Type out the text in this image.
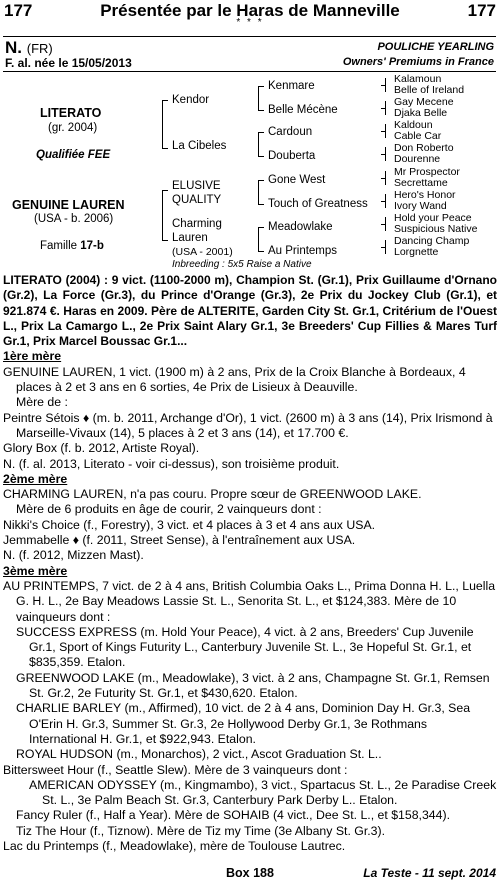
177	Présentée par le Haras de Manneville	177
* * *
N. (FR)
F. al. née le 15/05/2013
POULICHE YEARLING
Owners' Premiums in France
LITERATO
(gr. 2004)
Qualifiée FEE
GENUINE LAUREN
(USA - b. 2006)
Famille 17-b
Kendor
La Cibeles
ELUSIVE
QUALITY
Charming
Lauren
(USA - 2001)
Inbreeding : 5x5 Raise a Native
Kenmare
Belle Mécène
Cardoun
Douberta
Gone West
Touch of Greatness
Meadowlake
Au Printemps
Kalamoun
Belle of Ireland
Gay Mecene
Djaka Belle
Kaldoun
Cable Car
Don Roberto
Dourenne
Mr Prospector
Secrettame
Hero's Honor
Ivory Wand
Hold your Peace
Suspicious Native
Dancing Champ
Lorgnette

LITERATO (2004) : 9 vict. (1100-2000 m), Champion St. (Gr.1), Prix Guillaume d'Ornano (Gr.2), La Force (Gr.3), du Prince d'Orange (Gr.3), 2e Prix du Jockey Club (Gr.1), et 921.874 €. Haras en 2009. Père de ALTERITE, Garden City St. Gr.1, Critérium de l'Ouest L., Prix La Camargo L., 2e Prix Saint Alary Gr.1, 3e Breeders' Cup Fillies & Mares Turf Gr.1, Prix Marcel Boussac Gr.1...

1ère mère

GENUINE LAUREN, 1 vict. (1900 m) à 2 ans, Prix de la Croix Blanche à Bordeaux, 4 places à 2 et 3 ans en 6 sorties, 4e Prix de Lisieux à Deauville.

Mère de :

Peintre Sétois ♦ (m. b. 2011, Archange d'Or), 1 vict. (2600 m) à 3 ans (14), Prix Irismond à Marseille-Vivaux (14), 5 places à 2 et 3 ans (14), et 17.700 €.

Glory Box (f. b. 2012, Artiste Royal).

N. (f. al. 2013, Literato - voir ci-dessus), son troisième produit.

2ème mère

CHARMING LAUREN, n'a pas couru. Propre sœur de GREENWOOD LAKE.

Mère de 6 produits en âge de courir, 2 vainqueurs dont :

Nikki's Choice (f., Forestry), 3 vict. et 4 places à 3 et 4 ans aux USA.

Jemmabelle ♦ (f. 2011, Street Sense), à l'entraînement aux USA.

N. (f. 2012, Mizzen Mast).

3ème mère

AU PRINTEMPS, 7 vict. de 2 à 4 ans, British Columbia Oaks L., Prima Donna H. L., Luella G. H. L., 2e Bay Meadows Lassie St. L., Senorita St. L., et $124,383. Mère de 10 vainqueurs dont :

SUCCESS EXPRESS (m. Hold Your Peace), 4 vict. à 2 ans, Breeders' Cup Juvenile Gr.1, Sport of Kings Futurity L., Canterbury Juvenile St. L., 3e Hopeful St. Gr.1, et $835,359. Etalon.

GREENWOOD LAKE (m., Meadowlake), 3 vict. à 2 ans, Champagne St. Gr.1, Remsen St. Gr.2, 2e Futurity St. Gr.1, et $430,620. Etalon.

CHARLIE BARLEY (m., Affirmed), 10 vict. de 2 à 4 ans, Dominion Day H. Gr.3, Sea O'Erin H. Gr.3, Summer St. Gr.3, 2e Hollywood Derby Gr.1, 3e Rothmans International H. Gr.1, et $922,943. Etalon.

ROYAL HUDSON (m., Monarchos), 2 vict., Ascot Graduation St. L..

Bittersweet Hour (f., Seattle Slew). Mère de 3 vainqueurs dont :

AMERICAN ODYSSEY (m., Kingmambo), 3 vict., Spartacus St. L., 2e Paradise Creek St. L., 3e Palm Beach St. Gr.3, Canterbury Park Derby L.. Etalon.

Fancy Ruler (f., Half a Year). Mère de SOHAIB (4 vict., Dee St. L., et $158,344).

Tiz The Hour (f., Tiznow). Mère de Tiz my Time (3e Albany St. Gr.3).

Lac du Printemps (f., Meadowlake), mère de Toulouse Lautrec.

Box 188	La Teste - 11 sept. 2014
